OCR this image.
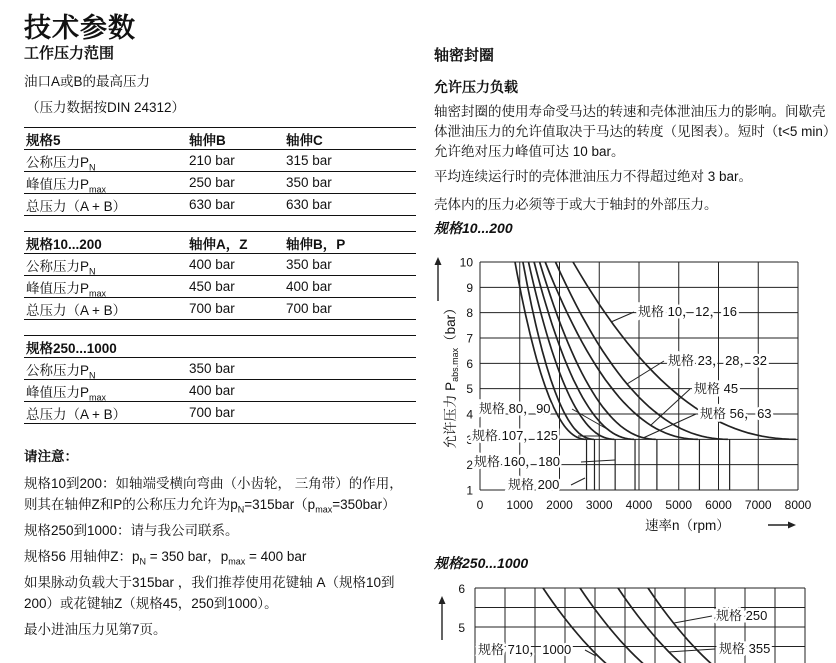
技术参数
工作压力范围
油口A或B的最高压力
（压力数据按DIN 24312）
规格5	轴伸B	轴伸C
公称压力$P_N$	210 bar	315 bar
峰值压力$P_{max}$	250 bar	350 bar
总压力（A + B）	630 bar	630 bar
规格10...200	轴伸A，Z	轴伸B，P
公称压力$P_N$	400 bar	350 bar
峰值压力$P_{max}$	450 bar	400 bar
总压力（A + B）	700 bar	700 bar
规格250...1000		
公称压力$P_N$	350 bar	
峰值压力$P_{max}$	400 bar	
总压力（A + B）	700 bar	

请注意：

规格10到200：如轴端受横向弯曲（小齿轮， 三角带）的作用， 则其在轴伸Z和P的公称压力允许为$p_N=315bar(p_{max}=350bar)$

规格250到1000：请与我公司联系。

规格56 用轴伸Z：$p_N = 350$ bar，$p_{max} = 400$ bar

如果脉动负载大于315bar ，我们推荐使用花键轴 A（规格10到200）或花键轴Z（规格45，250到1000）。

最小进油压力见第7页。

轴密封圈
允许压力负载
轴密封圈的使用寿命受马达的转速和壳体泄油压力的影响。间歇壳体泄油压力的允许值取决于马达的转度（见图表）。短时（t<5 min）允许绝对压力峰值可达 10 bar。
平均连续运行时的壳体泄油压力不得超过绝对 3 bar。
壳体内的压力必须等于或大于轴封的外部压力。
规格10...200
1
2
3
4
5
6
7
8
9
10
0 1000 2000 3000 4000 5000 6000 7000 8000
规格 10，12，16
规格 23，28，32
规格 45
规格 56，63
规格 80，90
规格 107，125
规格 160，180
规格 200
速率n（rpm）
允许压力 $P_{abs.max}(bar)$
规格250...1000
6
5
规格 250
规格 355
规格 710，1000
